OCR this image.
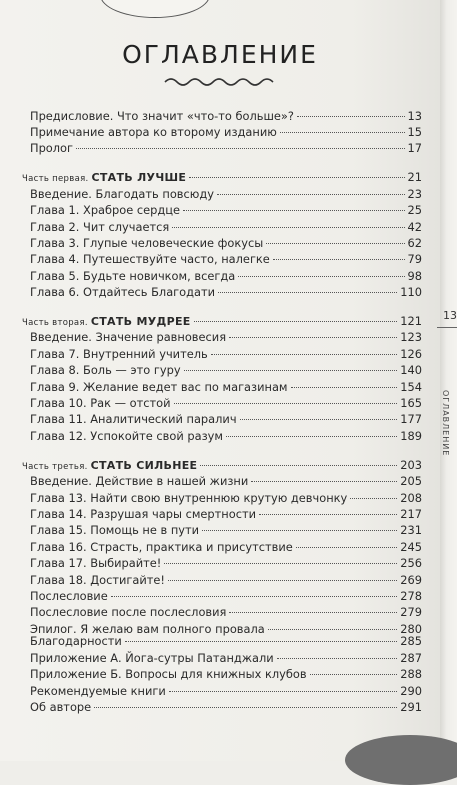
13
ОГЛАВЛЕНИЕ
ОГЛАВЛЕНИЕ
Предисловие. Что значит «что-то больше»?	13
Примечание автора ко второму изданию	15
Пролог	17
Часть первая. СТАТЬ ЛУЧШЕ	21
Введение. Благодать повсюду	23
Глава 1. Храброе сердце	25
Глава 2. Чит случается	42
Глава 3. Глупые человеческие фокусы	62
Глава 4. Путешествуйте часто, налегке	79
Глава 5. Будьте новичком, всегда	98
Глава 6. Отдайтесь Благодати	110
Часть вторая. СТАТЬ МУДРЕЕ	121
Введение. Значение равновесия	123
Глава 7. Внутренний учитель	126
Глава 8. Боль — это гуру	140
Глава 9. Желание ведет вас по магазинам	154
Глава 10. Рак — отстой	165
Глава 11. Аналитический паралич	177
Глава 12. Успокойте свой разум	189
Часть третья. СТАТЬ СИЛЬНЕЕ	203
Введение. Действие в нашей жизни	205
Глава 13. Найти свою внутреннюю крутую девчонку	208
Глава 14. Разрушая чары смертности	217
Глава 15. Помощь не в пути	231
Глава 16. Страсть, практика и присутствие	245
Глава 17. Выбирайте!	256
Глава 18. Достигайте!	269
Послесловие	278
Послесловие после послесловия	279
Эпилог. Я желаю вам полного провала	280
Благодарности	285
Приложение А. Йога-сутры Патанджали	287
Приложение Б. Вопросы для книжных клубов	288
Рекомендуемые книги	290
Об авторе	291
